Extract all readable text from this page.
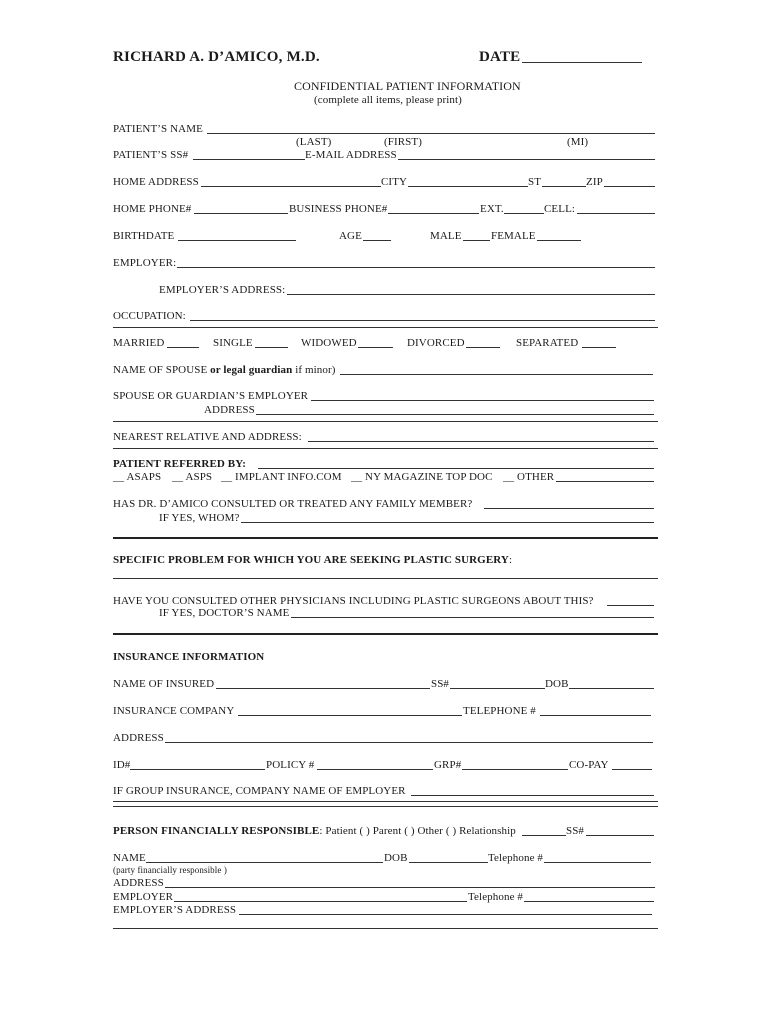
RICHARD A. D’AMICO, M.D.	DATE
CONFIDENTIAL PATIENT INFORMATION
(complete all items, please print)
PATIENT’S NAME
(LAST)	(FIRST)	(MI)
PATIENT’S SS#	E-MAIL ADDRESS
HOME ADDRESS	CITY	ST	ZIP
HOME PHONE#	BUSINESS PHONE#	EXT.	CELL:
BIRTHDATE	AGE	MALE	FEMALE
EMPLOYER:
EMPLOYER’S ADDRESS:
OCCUPATION:
MARRIED	SINGLE	WIDOWED	DIVORCED	SEPARATED
NAME OF SPOUSE or legal guardian if minor)
SPOUSE OR GUARDIAN’S EMPLOYER
ADDRESS
NEAREST RELATIVE AND ADDRESS:
PATIENT REFERRED BY:
__ ASAPS __ ASPS __ IMPLANT INFO.COM __ NY MAGAZINE TOP DOC __ OTHER
HAS DR. D’AMICO CONSULTED OR TREATED ANY FAMILY MEMBER?
IF YES, WHOM?
SPECIFIC PROBLEM FOR WHICH YOU ARE SEEKING PLASTIC SURGERY:
HAVE YOU CONSULTED OTHER PHYSICIANS INCLUDING PLASTIC SURGEONS ABOUT THIS?
IF YES, DOCTOR’S NAME
INSURANCE INFORMATION
NAME OF INSURED	SS#	DOB
INSURANCE COMPANY	TELEPHONE #
ADDRESS
ID#	POLICY #	GRP#	CO-PAY
IF GROUP INSURANCE, COMPANY NAME OF EMPLOYER
PERSON FINANCIALLY RESPONSIBLE: Patient ( ) Parent ( ) Other ( ) Relationship	SS#
NAME	DOB	Telephone #
(party financially responsible )
ADDRESS
EMPLOYER	Telephone #
EMPLOYER’S ADDRESS
